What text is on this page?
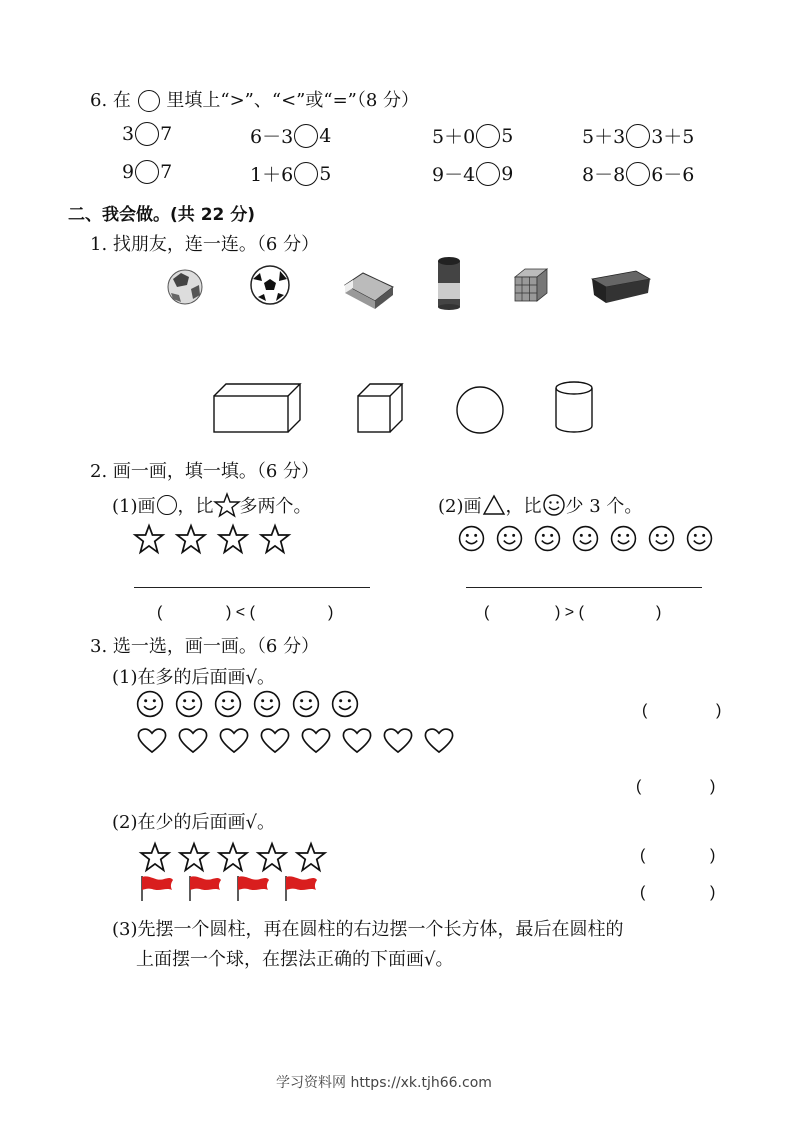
6. 在 里填上“>”、“<”或“=”（8 分）
3 7	6－3 4	5＋0 5	5＋3 3＋5
9 7	1＋6 5	9－4 9	8－8 6－6
二、我会做。(共 22 分)
1. 找朋友，连一连。（6 分）
2. 画一画，填一填。（6 分）
(1)画 ，比 多两个。	(2)画 ，比 少 3 个。
(	) < (	)	(	) > (	)
3. 选一选，画一画。（6 分）
(1)在多的后面画√。
(	)
(	)
(2)在少的后面画√。
(	)
(	)
(3)先摆一个圆柱，再在圆柱的右边摆一个长方体，最后在圆柱的
上面摆一个球，在摆法正确的下面画√。
学习资料网 https://xk.tjh66.com
